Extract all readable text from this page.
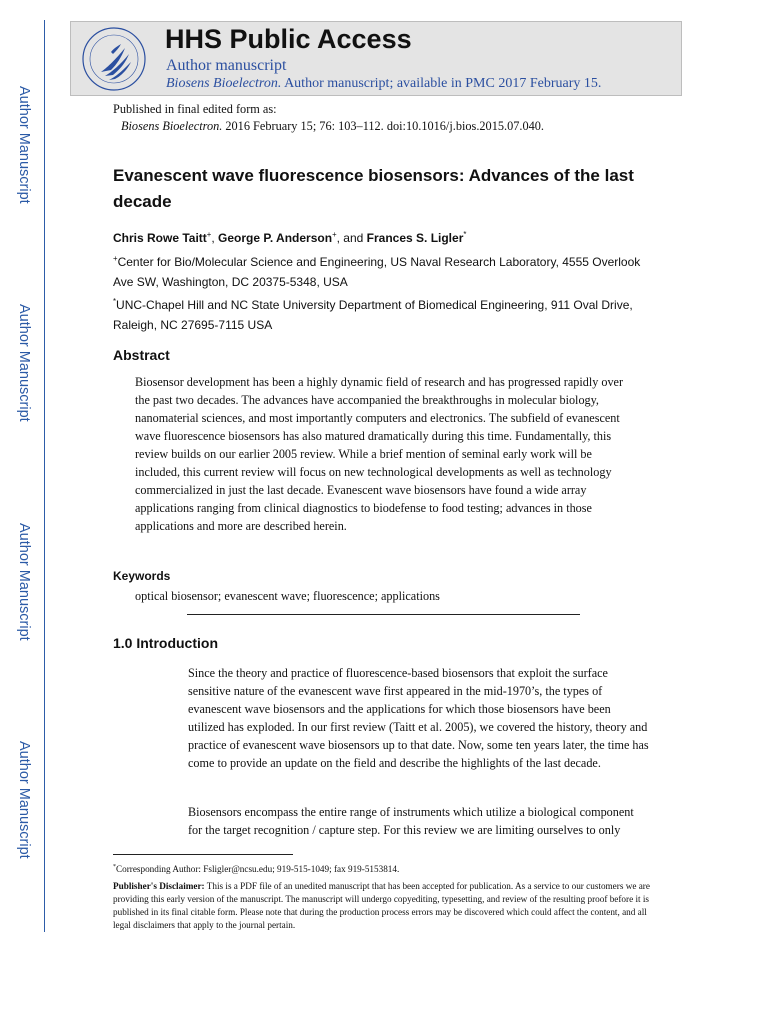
Author Manuscript
Author Manuscript
Author Manuscript
Author Manuscript
HHS Public Access
Author manuscript
Biosens Bioelectron. Author manuscript; available in PMC 2017 February 15.
Published in final edited form as:
Biosens Bioelectron. 2016 February 15; 76: 103–112. doi:10.1016/j.bios.2015.07.040.
Evanescent wave fluorescence biosensors: Advances of the last decade
Chris Rowe Taitt+, George P. Anderson+, and Frances S. Ligler*
+Center for Bio/Molecular Science and Engineering, US Naval Research Laboratory, 4555 Overlook Ave SW, Washington, DC 20375-5348, USA
*UNC-Chapel Hill and NC State University Department of Biomedical Engineering, 911 Oval Drive, Raleigh, NC 27695-7115 USA
Abstract
Biosensor development has been a highly dynamic field of research and has progressed rapidly over the past two decades. The advances have accompanied the breakthroughs in molecular biology, nanomaterial sciences, and most importantly computers and electronics. The subfield of evanescent wave fluorescence biosensors has also matured dramatically during this time. Fundamentally, this review builds on our earlier 2005 review. While a brief mention of seminal early work will be included, this current review will focus on new technological developments as well as technology commercialized in just the last decade. Evanescent wave biosensors have found a wide array applications ranging from clinical diagnostics to biodefense to food testing; advances in those applications and more are described herein.
Keywords
optical biosensor; evanescent wave; fluorescence; applications
1.0 Introduction
Since the theory and practice of fluorescence-based biosensors that exploit the surface sensitive nature of the evanescent wave first appeared in the mid-1970’s, the types of evanescent wave biosensors and the applications for which those biosensors have been utilized has exploded. In our first review (Taitt et al. 2005), we covered the history, theory and practice of evanescent wave biosensors up to that date. Now, some ten years later, the time has come to provide an update on the field and describe the highlights of the last decade.
Biosensors encompass the entire range of instruments which utilize a biological component for the target recognition / capture step. For this review we are limiting ourselves to only
*Corresponding Author: Fsligler@ncsu.edu; 919-515-1049; fax 919-5153814.
Publisher's Disclaimer: This is a PDF file of an unedited manuscript that has been accepted for publication. As a service to our customers we are providing this early version of the manuscript. The manuscript will undergo copyediting, typesetting, and review of the resulting proof before it is published in its final citable form. Please note that during the production process errors may be discovered which could affect the content, and all legal disclaimers that apply to the journal pertain.
